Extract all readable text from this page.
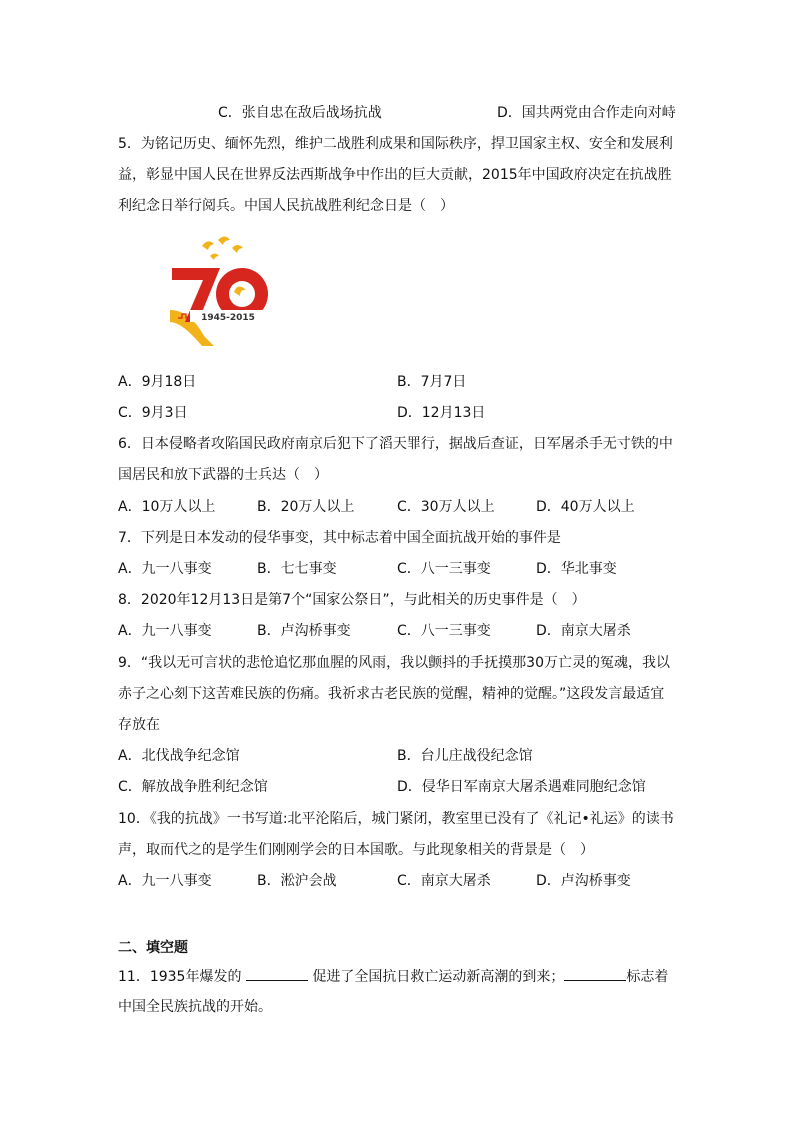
C．张自忠在敌后战场抗战	D．国共两党由合作走向对峙
5．为铭记历史、缅怀先烈，维护二战胜利成果和国际秩序，捍卫国家主权、安全和发展利
益，彰显中国人民在世界反法西斯战争中作出的巨大贡献，2015年中国政府决定在抗战胜
利纪念日举行阅兵。中国人民抗战胜利纪念日是（　）
1945-2015
A．9月18日	B．7月7日
C．9月3日	D．12月13日
6．日本侵略者攻陷国民政府南京后犯下了滔天罪行，据战后查证，日军屠杀手无寸铁的中
国居民和放下武器的士兵达（　）
A．10万人以上	B．20万人以上	C．30万人以上	D．40万人以上
7．下列是日本发动的侵华事变，其中标志着中国全面抗战开始的事件是
A．九一八事变	B．七七事变	C．八一三事变	D．华北事变
8．2020年12月13日是第7个“国家公祭日”，与此相关的历史事件是（　）
A．九一八事变	B．卢沟桥事变	C．八一三事变	D．南京大屠杀
9．“我以无可言状的悲怆追忆那血腥的风雨，我以颤抖的手抚摸那30万亡灵的冤魂，我以
赤子之心刻下这苦难民族的伤痛。我祈求古老民族的觉醒，精神的觉醒。”这段发言最适宜
存放在
A．北伐战争纪念馆	B．台儿庄战役纪念馆
C．解放战争胜利纪念馆	D．侵华日军南京大屠杀遇难同胞纪念馆
10．《我的抗战》一书写道:北平沦陷后，城门紧闭，教室里已没有了《礼记•礼运》的读书
声，取而代之的是学生们刚刚学会的日本国歌。与此现象相关的背景是（　）
A．九一八事变	B．淞沪会战	C．南京大屠杀	D．卢沟桥事变
二、填空题
11．1935年爆发的	促进了全国抗日救亡运动新高潮的到来；	标志着
中国全民族抗战的开始。
